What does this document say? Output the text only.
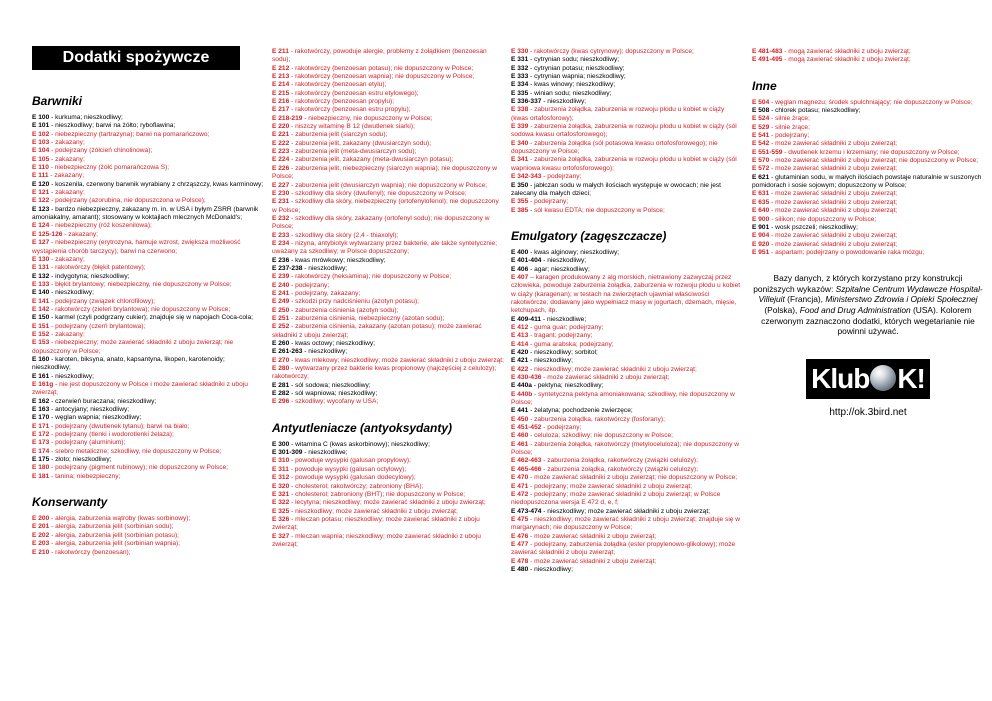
Dodatki spożywcze
Barwniki

E 100 - kurkuma; nieszkodliwy;

E 101 - nieszkodliwy; barwi na żółto; ryboflawina;

E 102 - niebezpieczny (tartrazyna); barwi na pomarańczowo;

E 103 - zakazany;

E 104 - podejrzany (żółcień chinolinowa);

E 105 - zakazany;

E 110 - niebezpieczny (żółć pomarańczowa S);

E 111 - zakazany;

E 120 - koszenila, czerwony barwnik wyrabiany z chrząszczy, kwas karminowy;

E 121 - zakazany;

E 122 - podejrzany (azorubina, nie dopuszczona w Polsce);

E 123 - bardzo niebezpieczny, zakazany m. in. w USA i byłym ZSRR (barwnik amoniakalny, amarant); stosowany w koktajlach mlecznych McDonald's;

E 124 - niebezpieczny (róż koszenilowa);

E 125-126 - zakazany;

E 127 - niebezpieczny (erytrozyna, hamuje wzrost, zwiększa możliwość wystąpienia chorób tarczycy); barwi na czerwono;

E 130 - zakazany;

E 131 - rakotwórczy (błękit patentowy);

E 132 - indygotyna; nieszkodliwy;

E 133 - błękit brylantowy; niebezpieczny, nie dopuszczony w Polsce;

E 140 - nieszkodliwy;

E 141 - podejrzany (związek chlorofilowy);

E 142 - rakotwórczy (zieleń brylantowa); nie dopuszczony w Polsce;

E 150 - karmel (czyli podgrzany cukier); znajduje się w napojach Coca-cola;

E 151 - podejrzany (czerń brylantowa);

E 152 - zakazany;

E 153 - niebezpieczny; może zawierać składniki z uboju zwierząt; nie dopuszczony w Polsce;

E 160 - karoten, biksyna, anato, kapsantyna, likopen, karotenoidy; nieszkodliwy;

E 161 - nieszkodliwy;

E 161g - nie jest dopuszczony w Polsce i może zawierać składniki z uboju zwierząt;

E 162 - czerwień buraczana; nieszkodliwy;

E 163 - antocyjany; nieszkodliwy;

E 170 - węglan wapnia; nieszkodliwy;

E 171 - podejrzany (dwutlenek tytanu); barwi na biało;

E 172 - podejrzany (tlenki i wodorotlenki żelaza);

E 173 - podejrzany (aluminium);

E 174 - srebro metaliczne; szkodliwy, nie dopuszczony w Polsce;

E 175 - złoto; nieszkodliwy;

E 180 - podejrzany (pigment rubinowy); nie dopuszczony w Polsce;

E 181 - tanina; niebezpieczny;

Konserwanty

E 200 - alergia, zaburzenia wątroby (kwas sorbinowy);

E 201 - alergia, zaburzenia jelit (sorbinian sodu);

E 202 - alergia, zaburzenia jelit (sorbinian potasu);

E 203 - alergia, zaburzenia jelit (sorbinian wapnia);

E 210 - rakotwórczy (benzoesan);

E 211 - rakotwórczy, powoduje alergie, problemy z żołądkiem (benzoesan sodu);

E 212 - rakotwórczy (benzoesan potasu); nie dopuszczony w Polsce;

E 213 - rakotwórczy (benzoesan wapnia); nie dopuszczony w Polsce;

E 214 - rakotwórczy (benzoesan etylu);

E 215 - rakotwórczy (benzoesan estru etylowego);

E 216 - rakotwórczy (benzoesan propylu);

E 217 - rakotwórczy (benzoesan estru propylu);

E 218-219 - niebezpieczny, nie dopuszczony w Polsce;

E 220 - niszczy witaminę B 12 (dwutlenek siarki);

E 221 - zaburzenia jelit (siarczyn sodu);

E 222 - zaburzenia jelit, zakazany (dwusiarczyn sodu);

E 223 - zaburzenia jelit (meta-dwusiarczyn sodu);

E 224 - zaburzenia jelit, zakazany (meta-dwusiarczyn potasu);

E 226 - zaburzenia jelit, niebezpieczny (siarczyn wapnia); nie dopuszczony w Polsce;

E 227 - zaburzenia jelit (dwusiarczyn wapnia); nie dopuszczony w Polsce;

E 230 - szkodliwy dla skóry (dwufenyl); nie dopuszczony w Polsce;

E 231 - szkodliwy dla skóry, niebezpieczny (ortofenylofenol); nie dopuszczony w Polsce;

E 232 - szkodliwy dla skóry, zakazany (ortofenyl sodu); nie dopuszczony w Polsce;

E 233 - szkodliwy dla skóry (2,4 - thiaxolyl);

E 234 - nizyna, antybiotyk wytwarzany przez bakterie, ale także syntetycznie; uważany za szkodliwy; w Polsce dopuszczony;

E 236 - kwas mrówkowy; nieszkodliwy;

E 237-238 - nieszkodliwy;

E 239 - rakotwórczy (heksamina); nie dopuszczony w Polsce;

E 240 - podejrzany;

E 241 - podejrzany, zakazany;

E 249 - szkodzi przy nadciśnieniu (azotyn potasu);

E 250 - zaburzenia ciśnienia (azotyn sodu);

E 251 - zaburzenia ciśnienia, niebezpieczny (azotan sodu);

E 252 - zaburzenia ciśnienia, zakazany (azotan potasu); może zawierać składniki z uboju zwierząt;

E 260 - kwas octowy; nieszkodliwy;

E 261-263 - nieszkodliwy;

E 270 - kwas mlekowy; nieszkodliwy; może zawierać składniki z uboju zwierząt;

E 280 - wytwarzany przez bakterie kwas propionowy (najczęściej z celulozy); rakotwórczy;

E 281 - sól sodowa; nieszkodliwy;

E 282 - sól wapniowa; nieszkodliwy;

E 296 - szkodliwy; wycofany w USA;

Antyutleniacze (antyoksydanty)

E 300 - witamina C (kwas askorbinowy); nieszkodliwy;

E 301-309 - nieszkodliwe;

E 310 - powoduje wysypki (galusan propylowy);

E 311 - powoduje wysypki (galusan octylowy);

E 312 - powoduje wysypki (galusan dodecylowy);

E 320 - cholesterol; rakotwórczy; zabroniony (BHA);

E 321 - cholesterol; zabroniony (BHT); nie dopuszczony w Polsce;

E 322 - lecytyna; nieszkodliwy; może zawierać składniki z uboju zwierząt;

E 325 - nieszkodliwy; może zawierać składniki z uboju zwierząt;

E 326 - mleczan potasu; nieszkodliwy; może zawierać składniki z uboju zwierząt;

E 327 - mleczan wapnia; nieszkodliwy; może zawierać składniki z uboju zwierząt;

E 330 - rakotwórczy (kwas cytrynowy); dopuszczony w Polsce;

E 331 - cytrynian sodu; nieszkodliwy;

E 332 - cytrynian potasu; nieszkodliwy;

E 333 - cytrynian wapnia; nieszkodliwy;

E 334 - kwas winowy; nieszkodliwy;

E 335 - winian sodu; nieszkodliwy;

E 336-337 - nieszkodliwy;

E 338 - zaburzenia żołądka, zaburzenia w rozwoju płodu u kobiet w ciąży (kwas ortafosforowy);

E 339 - zaburzenia żołądka, zaburzenia w rozwoju płodu u kobiet w ciąży (sól sodowa kwasu ortafosforowego);

E 340 - zaburzenia żołądka (sól potasowa kwasu ortofosforowego); nie dopuszczony w Polsce;

E 341 - zaburzenia żołądka, zaburzenia w rozwoju płodu u kobiet w ciąży (sól wapniowa kwasu ortofosforowego);

E 342-343 - podejrzany;

E 350 - jabłczan sodu w małych ilościach występuje w owocach; nie jest zalecany dla małych dzieci;

E 355 - podejrzany;

E 385 - sól kwasu EDTA; nie dopuszczony w Polsce;

Emulgatory (zagęszczacze)

E 400 - kwas alginowy; nieszkodliwy;

E 401-404 - nieszkodliwy;

E 406 - agar; nieszkodliwy;

E 407 – karagen produkowany z alg morskich, nietrawiony zazwyczaj przez człowieka, powoduje zaburzenia żołądka, zaburzenia w rozwoju płodu u kobiet w ciąży (karagenan); w testach na zwierzętach ujawniał właściwości rakotwórcze; dodawany jako wypełniacz masy w jogurtach, dżemach, mięsie, ketchupach, itp.

E 409-411 - nieszkodliwe;

E 412 - guma guar; podejrzany;

E 413 - tragant; podejrzany;

E 414 - guma arabska; podejrzany;

E 420 - nieszkodliwy; sorbitol;

E 421 - nieszkodliwy;

E 422 - nieszkodliwy; może zawierać składniki z uboju zwierząt;

E 430-436 - może zawierać składniki z uboju zwierząt;

E 440a - pektyna; nieszkodliwy;

E 440b - syntetyczna pektyna amoniakowana; szkodliwy, nie dopuszczony w Polsce;

E 441 - żelatyna; pochodzenie zwierzęce;

E 450 - zaburzenia żołądka, rakotwórczy (fosforany);

E 451-452 - podejrzany;

E 460 - celuloza; szkodliwy; nie dopuszczony w Polsce;

E 461 - zaburzenia żołądka, rakotwórczy (metyloceluloza); nie dopuszczony w Polsce;

E 462-463 - zaburzenia żołądka, rakotwórczy (związki celulozy);

E 465-466 - zaburzenia żołądka, rakotwórczy (związki celulozy);

E 470 - może zawierać składniki z uboju zwierząt; nie dopuszczony w Polsce;

E 471 - podejrzany; może zawierać składniki z uboju zwierząt;

E 472 - podejrzany; może zawierać składniki z uboju zwierząt; w Polsce niedopuszczona wersja E 472 d, e, f;

E 473-474 - nieszkodliwy; może zawierać składniki z uboju zwierząt;

E 475 - nieszkodliwy; może zawierać składniki z uboju zwierząt; znajduje się w margarynach; nie dopuszczony w Polsce;

E 476 - może zawierać składniki z uboju zwierząt;

E 477 - podejrzany, zaburzenia żołądka (ester propylenowo-glikolowy); może zawierać składniki z uboju zwierząt;

E 478 - może zawierać składniki z uboju zwierząt;

E 480 - nieszkodliwy;

E 481-483 - mogą zawierać składniki z uboju zwierząt;

E 491-495 - mogą zawierać składniki z uboju zwierząt;

Inne

E 504 - węglan magnezu; środek spulchniający; nie dopuszczony w Polsce;

E 508 - chlorek potasu; nieszkodliwy;

E 524 - silnie żrące;

E 529 - silnie żrące;

E 541 - podejrzany;

E 542 - może zawierać składniki z uboju zwierząt;

E 551-559 - dwutlenek krzemu i krzemiany; nie dopuszczony w Polsce;

E 570 - może zawierać składniki z uboju zwierząt; nie dopuszczony w Polsce;

E 572 - może zawierać składniki z uboju zwierząt;

E 621 - glutaminian sodu, w małych ilościach powstaje naturalnie w suszonych pomidorach i sosie sojowym; dopuszczony w Polsce;

E 631 - może zawierać składniki z uboju zwierząt;

E 635 - może zawierać składniki z uboju zwierząt;

E 640 - może zawierać składniki z uboju zwierząt;

E 900 - silikon; nie dopuszczony w Polsce;

E 901 - wosk pszczeli; nieszkodliwy;

E 904 - może zawierać składniki z uboju zwierząt;

E 920 - może zawierać składniki z uboju zwierząt;

E 951 - aspartam; podejrzany o powodowanie raka mózgu;

Bazy danych, z których korzystano przy konstrukcji poniższych wykazów: Szpitalne Centrum Wydawcze Hospital-Villejuit (Francja), Ministerstwo Zdrowia i Opieki Społecznej (Polska), Food and Drug Administration (USA). Kolorem czerwonym zaznaczono dodatki, których wegetarianie nie powinni używać.

Klub K!
http://ok.3bird.net
